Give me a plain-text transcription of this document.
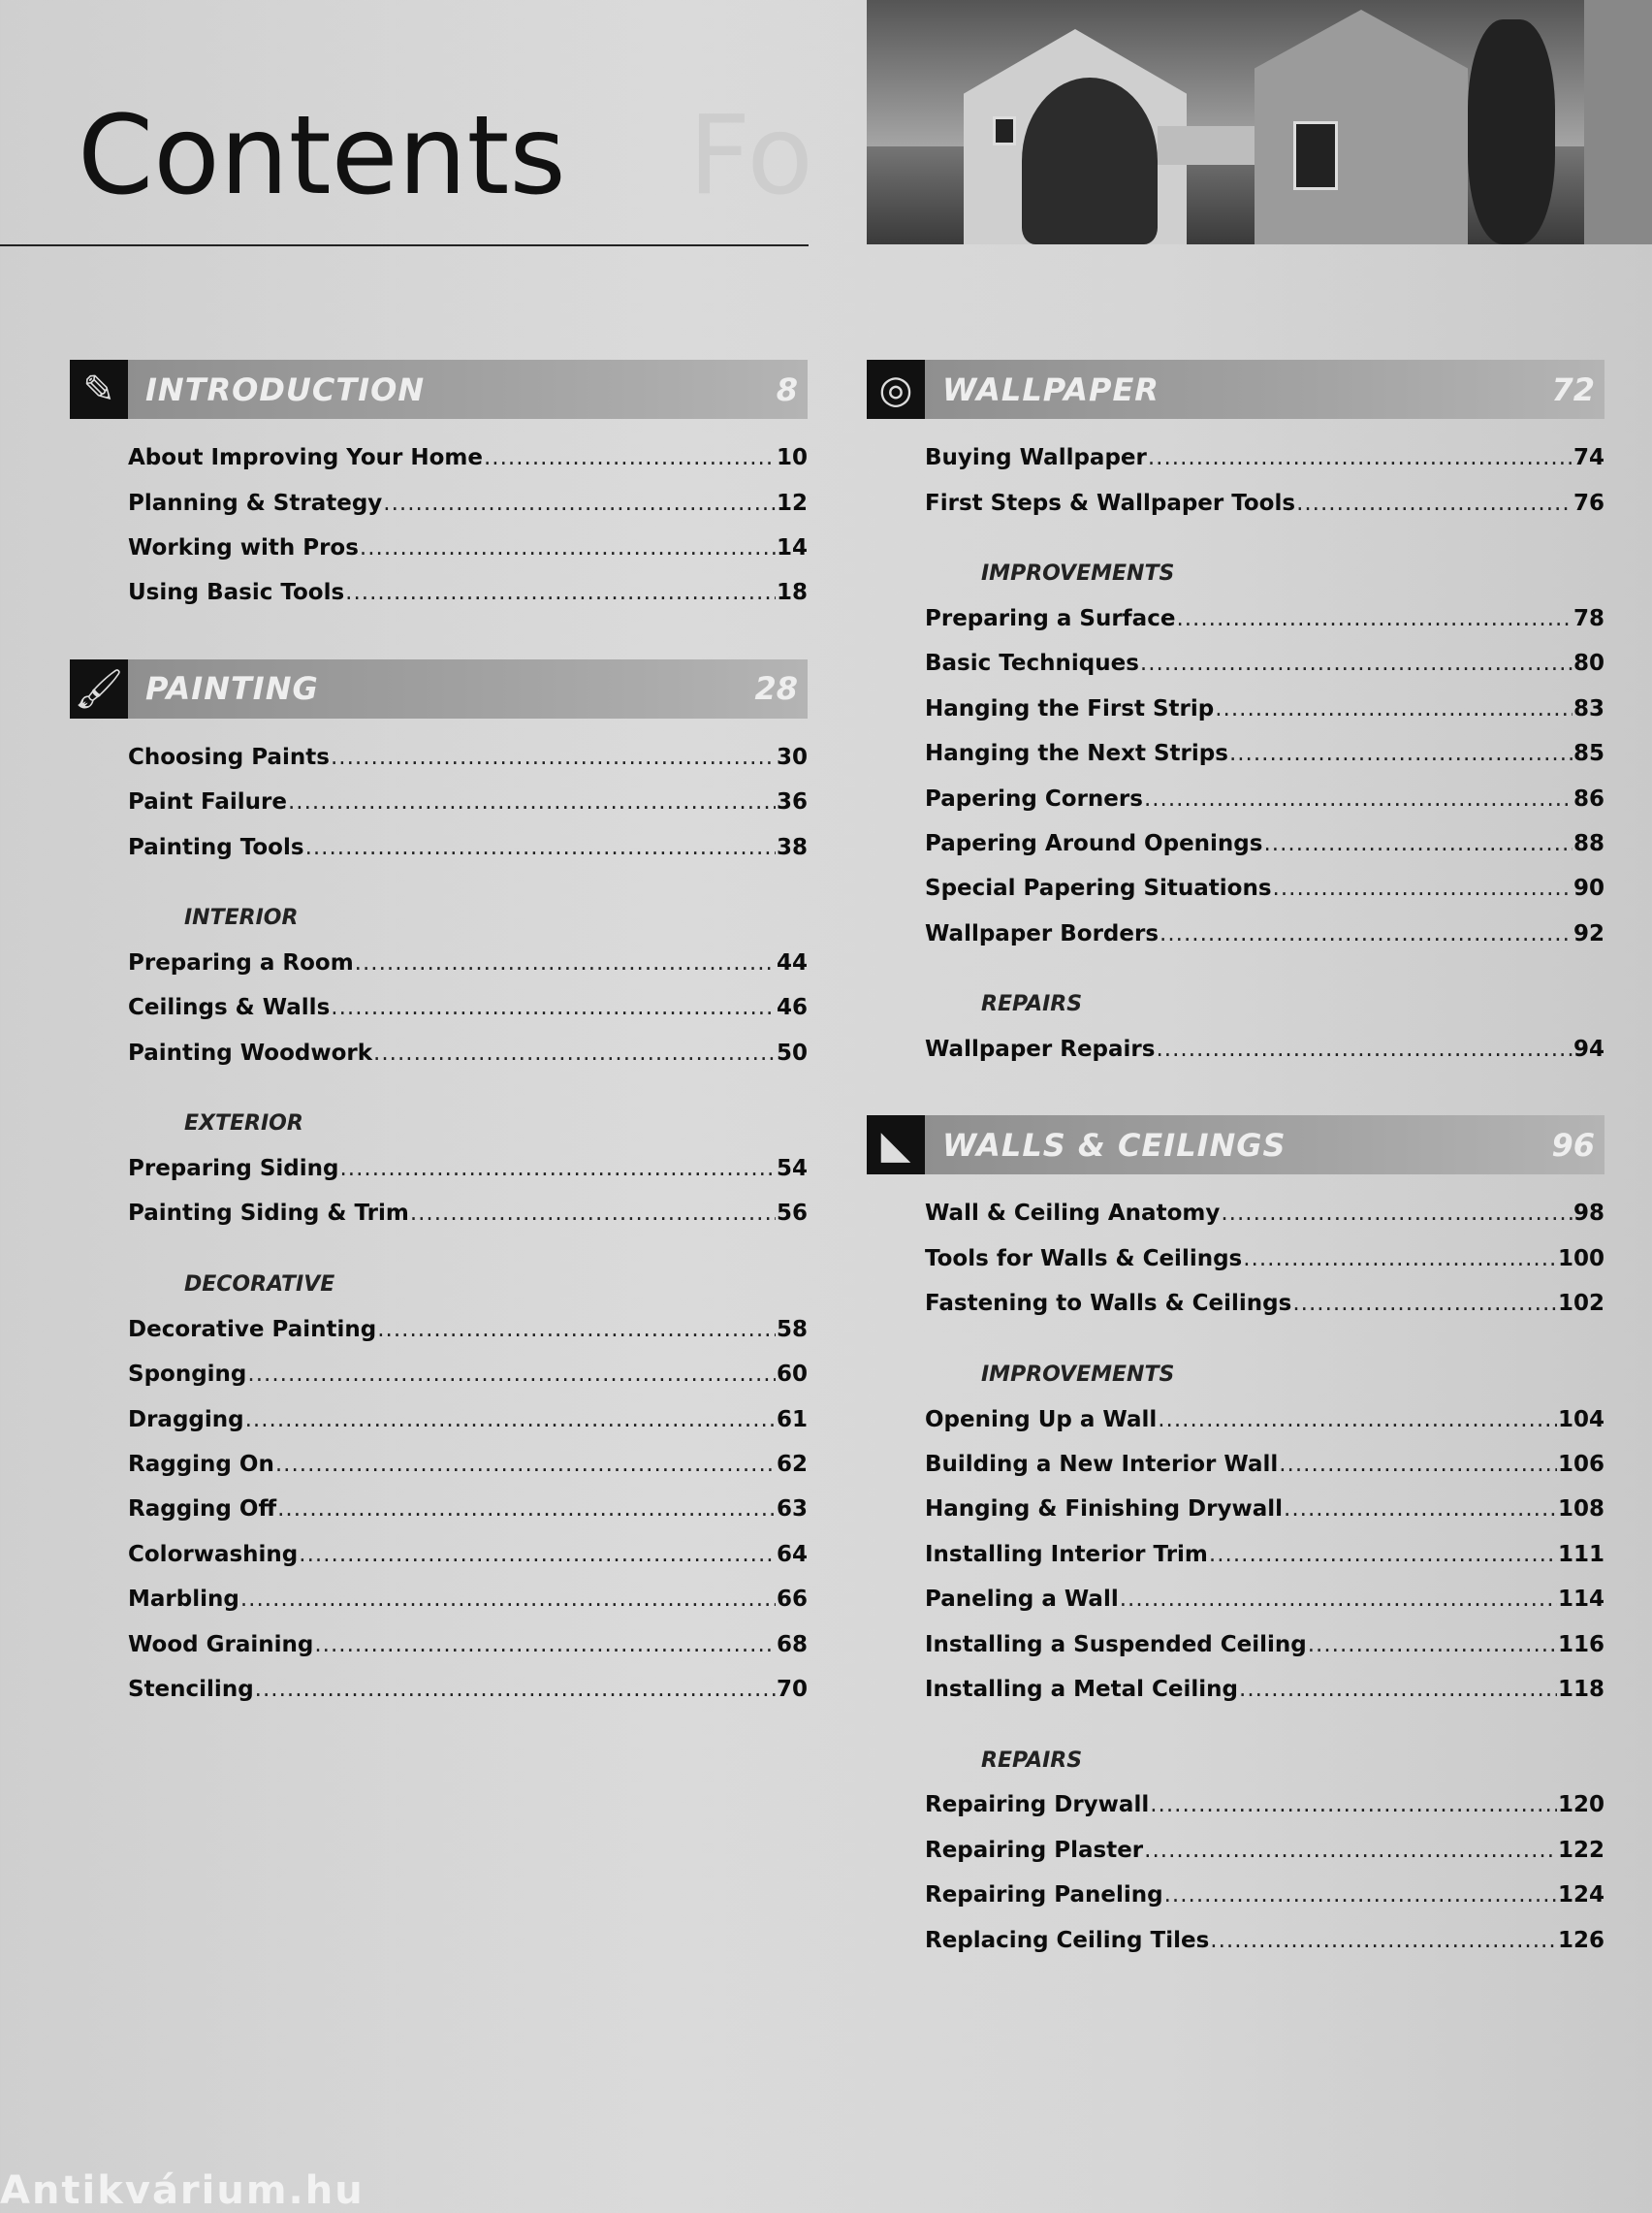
Fo
Contents
✎ INTRODUCTION	8
About Improving Your Home .....	10
Planning & Strategy .....	12
Working with Pros .....	14
Using Basic Tools .....	18
🖌 PAINTING	28
Choosing Paints .....	30
Paint Failure .....	36
Painting Tools .....	38
INTERIOR
Preparing a Room .....	44
Ceilings & Walls .....	46
Painting Woodwork .....	50
EXTERIOR
Preparing Siding .....	54
Painting Siding & Trim .....	56
DECORATIVE
Decorative Painting .....	58
Sponging .....	60
Dragging .....	61
Ragging On .....	62
Ragging Off .....	63
Colorwashing .....	64
Marbling .....	66
Wood Graining .....	68
Stenciling .....	70
◎ WALLPAPER	72
Buying Wallpaper .....	74
First Steps & Wallpaper Tools .....	76
IMPROVEMENTS
Preparing a Surface .....	78
Basic Techniques .....	80
Hanging the First Strip .....	83
Hanging the Next Strips .....	85
Papering Corners .....	86
Papering Around Openings .....	88
Special Papering Situations .....	90
Wallpaper Borders .....	92
REPAIRS
Wallpaper Repairs .....	94
◣	WALLS & CEILINGS	96
Wall & Ceiling Anatomy .....	98
Tools for Walls & Ceilings .....	100
Fastening to Walls & Ceilings .....	102
IMPROVEMENTS
Opening Up a Wall .....	104
Building a New Interior Wall .....	106
Hanging & Finishing Drywall .....	108
Installing Interior Trim .....	111
Paneling a Wall .....	114
Installing a Suspended Ceiling .....	116
Installing a Metal Ceiling .....	118
REPAIRS
Repairing Drywall .....	120
Repairing Plaster .....	122
Repairing Paneling .....	124
Replacing Ceiling Tiles .....	126
Antikvárium.hu
